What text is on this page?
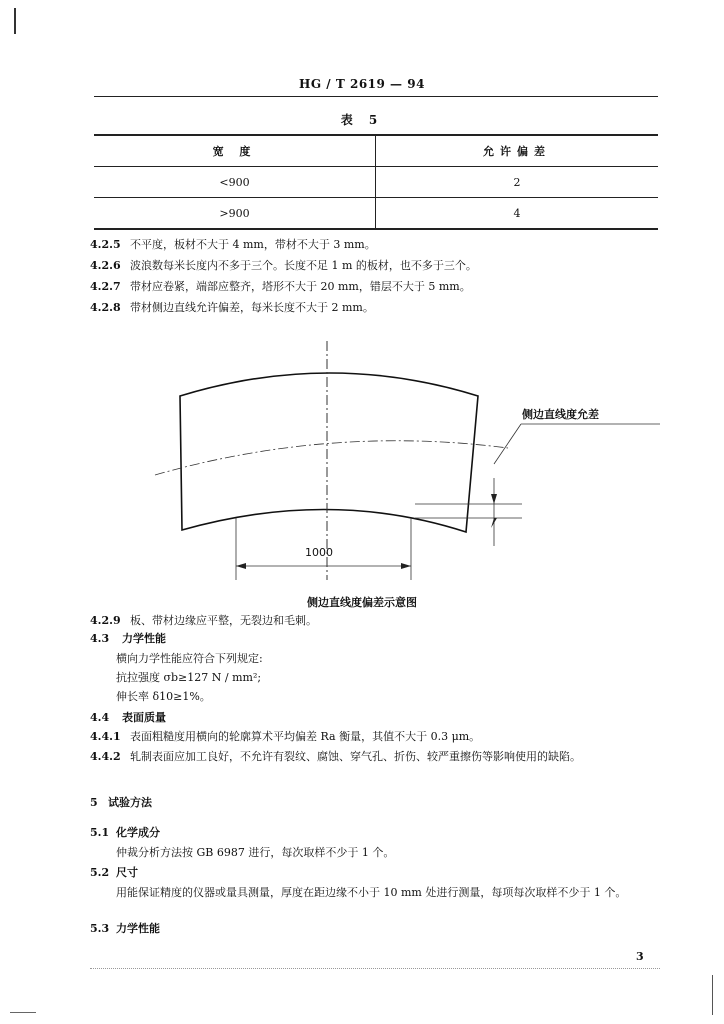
HG / T 2619 — 94
表 5
宽 度	允许偏差
<900	2
>900	4
4.2.5 不平度，板材不大于 4 mm，带材不大于 3 mm。
4.2.6 波浪数每米长度内不多于三个。长度不足 1 m 的板材，也不多于三个。
4.2.7 带材应卷紧，端部应整齐，塔形不大于 20 mm，错层不大于 5 mm。
4.2.8 带材侧边直线允许偏差，每米长度不大于 2 mm。
1000
侧边直线度允差
侧边直线度偏差示意图
4.2.9 板、带材边缘应平整，无裂边和毛刺。
4.3 力学性能
横向力学性能应符合下列规定:
抗拉强度 σb≥127 N / mm²;
伸长率 δ10≥1%。
4.4 表面质量
4.4.1 表面粗糙度用横向的轮廓算术平均偏差 Ra 衡量，其值不大于 0.3 μm。
4.4.2 轧制表面应加工良好，不允许有裂纹、腐蚀、穿气孔、折伤、较严重擦伤等影响使用的缺陷。
5 试验方法
5.1 化学成分
仲裁分析方法按 GB 6987 进行，每次取样不少于 1 个。
5.2 尺寸
用能保证精度的仪器或量具测量，厚度在距边缘不小于 10 mm 处进行测量，每项每次取样不少于 1 个。
5.3 力学性能
3
